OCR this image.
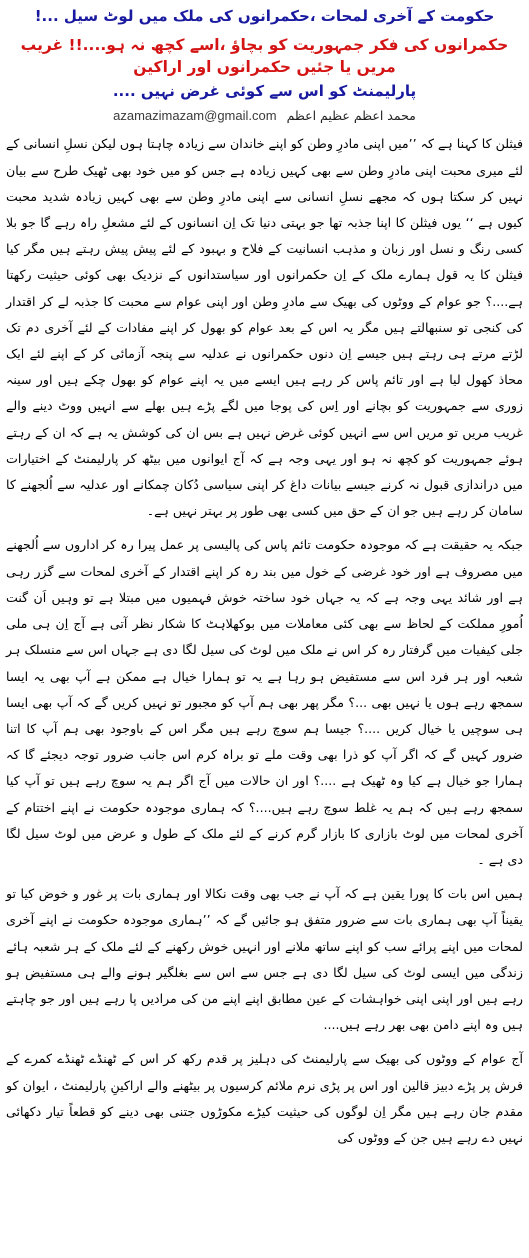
حکومت کے آخری لمحات ،حکمرانوں کی ملک میں لوٹ سیل ...!
حکمرانوں کی فکر جمہوریت کو بچاؤ ،اسے کچھ نہ ہو....!! غریب مریں یا جئیں حکمرانوں اور اراکین
پارلیمنٹ کو اس سے کوئی غرض نہیں ....
azamazimazam@gmail.com محمد اعظم عظیم اعظم

فیثلن کا کہنا ہے کہ ’’میں اپنی مادرِ وطن کو اپنے خاندان سے زیادہ چاہتا ہوں لیکن نسلِ انسانی کے لئے میری محبت اپنی مادرِ وطن سے بھی کہیں زیادہ ہے جس کو میں خود بھی ٹھیک طرح سے بیان نہیں کر سکتا ہوں کہ مجھے نسلِ انسانی سے اپنی مادرِ وطن سے بھی کہیں زیادہ شدید محبت کیوں ہے ‘‘ یوں فیثلن کا اپنا جذبہ تھا جو بہتی دنیا تک اِن انسانوں کے لئے مشعلِ راہ رہے گا جو بلا کسی رنگ و نسل اور زبان و مذہب انسانیت کے فلاح و بہبود کے لئے پیش پیش رہتے ہیں مگر کیا فیثلن کا یہ قول ہمارے ملک کے اِن حکمرانوں اور سیاستدانوں کے نزدیک بھی کوئی حیثیت رکھتا ہے....؟ جو عوام کے ووٹوں کی بھیک سے مادرِ وطن اور اپنی عوام سے محبت کا جذبہ لے کر اقتدار کی کنجی تو سنبھالتے ہیں مگر یہ اس کے بعد عوام کو بھول کر اپنے مفادات کے لئے آخری دم تک لڑتے مرتے ہی رہتے ہیں جیسے اِن دنوں حکمرانوں نے عدلیہ سے پنجہ آزمائی کر کے اپنے لئے ایک محاذ کھول لیا ہے اور تائم پاس کر رہے ہیں ایسے میں یہ اپنے عوام کو بھول چکے ہیں اور سینہ زوری سے جمہوریت کو بچانے اور اِس کی پوجا میں لگے پڑے ہیں بھلے سے انہیں ووٹ دینے والے غریب مریں تو مریں اس سے انہیں کوئی غرض نہیں ہے بس ان کی کوشش یہ ہے کہ ان کے رہتے ہوئے جمہوریت کو کچھ نہ ہو اور یہی وجہ ہے کہ آج ایوانوں میں بیٹھ کر پارلیمنٹ کے اختیارات میں دراندازی قبول نہ کرنے جیسے بیانات داغ کر اپنی سیاسی دُکان چمکانے اور عدلیہ سے اُلجھنے کا سامان کر رہے ہیں جو ان کے حق میں کسی بھی طور پر بہتر نہیں ہے۔

جبکہ یہ حقیقت ہے کہ موجودہ حکومت تائم پاس کی پالیسی پر عمل پیرا رہ کر اداروں سے اُلجھنے میں مصروف ہے اور خود غرضی کے خول میں بند رہ کر اپنے اقتدار کے آخری لمحات سے گزر رہی ہے اور شائد یہی وجہ ہے کہ یہ جہاں خود ساختہ خوش فہمیوں میں مبتلا ہے تو وہیں اَن گنت اُمورِ مملکت کے لحاظ سے بھی کئی معاملات میں بوکھلاہٹ کا شکار نظر آتی ہے آج اِن ہی ملی جلی کیفیات میں گرفتار رہ کر اس نے ملک میں لوٹ کی سیل لگا دی ہے جہاں اس سے منسلک ہر شعبہ اور ہر فرد اس سے مستفیض ہو رہا ہے یہ تو ہمارا خیال ہے ممکن ہے آپ بھی یہ ایسا سمجھ رہے ہوں یا نہیں بھی ...؟ مگر پھر بھی ہم آپ کو مجبور تو نہیں کریں گے کہ آپ بھی ایسا ہی سوچیں یا خیال کریں ....؟ جیسا ہم سوچ رہے ہیں مگر اس کے باوجود بھی ہم آپ کا اتنا ضرور کہیں گے کہ اگر آپ کو ذرا بھی وقت ملے تو براہ کرم اس جانب ضرور توجہ دیجئے گا کہ ہمارا جو خیال ہے کیا وہ ٹھیک ہے ....؟ اور ان حالات میں آج اگر ہم یہ سوچ رہے ہیں تو آپ کیا سمجھ رہے ہیں کہ ہم یہ غلط سوچ رہے ہیں....؟ کہ ہماری موجودہ حکومت نے اپنے اختتام کے آخری لمحات میں لوٹ بازاری کا بازار گرم کرنے کے لئے ملک کے طول و عرض میں لوٹ سیل لگا دی ہے ۔

ہمیں اس بات کا پورا یقین ہے کہ آپ نے جب بھی وقت نکالا اور ہماری بات پر غور و خوض کیا تو یقیناً آپ بھی ہماری بات سے ضرور متفق ہو جائیں گے کہ ’’ہماری موجودہ حکومت نے اپنے آخری لمحات میں اپنے پرائے سب کو اپنے ساتھ ملانے اور انہیں خوش رکھنے کے لئے ملک کے ہر شعبہ ہائے زندگی میں ایسی لوٹ کی سیل لگا دی ہے جس سے اس سے بغلگیر ہونے والے ہی مستفیض ہو رہے ہیں اور اپنی اپنی خواہشات کے عین مطابق اپنے اپنے من کی مرادیں پا رہے ہیں اور جو چاہتے ہیں وہ اپنے دامن بھی بھر رہے ہیں....

آج عوام کے ووٹوں کی بھیک سے پارلیمنٹ کی دہلیز پر قدم رکھ کر اس کے ٹھنڈے ٹھنڈے کمرے کے فرش پر پڑے دبیز قالین اور اس پر پڑی نرم ملائم کرسیوں پر بیٹھنے والے اراکینِ پارلیمنٹ ، ایوان کو مقدم جان رہے ہیں مگر اِن لوگوں کی حیثیت کیڑے مکوڑوں جتنی بھی دینے کو قطعاً تیار دکھائی نہیں دے رہے ہیں جن کے ووٹوں کی
